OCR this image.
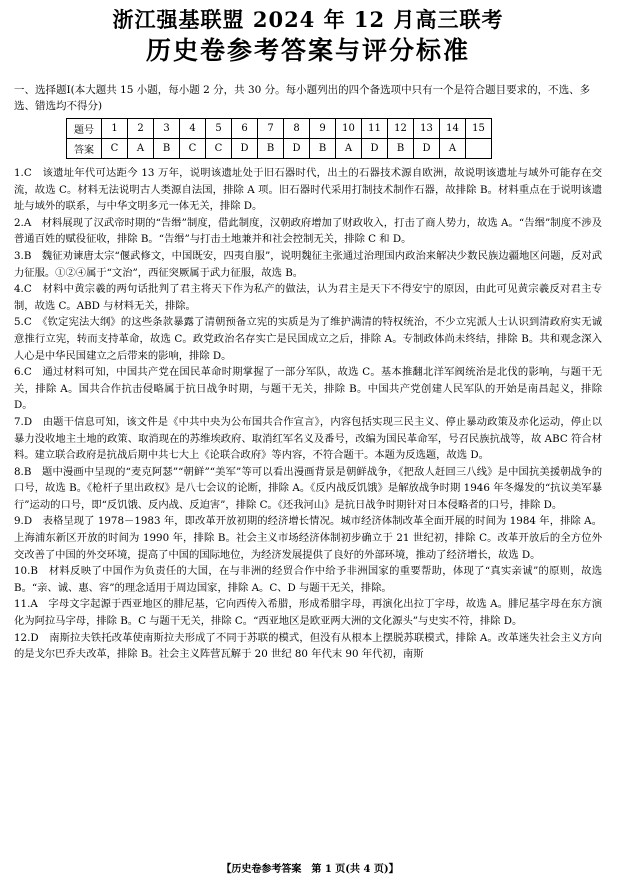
浙江强基联盟 2024 年 12 月高三联考
历史卷参考答案与评分标准

一、选择题Ⅰ(本大题共 15 小题，每小题 2 分，共 30 分。每小题列出的四个备选项中只有一个是符合题目要求的，不选、多选、错选均不得分)

题号	1	2	3	4	5	6	7	8	9	10	11	12	13	14	15
答案	C	A	B	C	C	D	B	D	B	A	D	B	D	A	

1.C　 该遗址年代可达距今 13 万年，说明该遗址处于旧石器时代，出土的石器技术源自欧洲，故说明该遗址与域外可能存在交流，故选 C。材料无法说明古人类源自法国，排除 A 项。旧石器时代采用打制技术制作石器，故排除 B。材料重点在于说明该遗址与域外的联系，与中华文明多元一体无关，排除 D。

2.A　 材料展现了汉武帝时期的“告缗”制度，借此制度，汉朝政府增加了财政收入，打击了商人势力，故选 A。“告缗”制度不涉及普通百姓的赋役征收，排除 B。“告缗”与打击土地兼并和社会控制无关，排除 C 和 D。

3.B　 魏征劝谏唐太宗“偃武修文，中国既安，四夷自服”，说明魏征主张通过治理国内政治来解决少数民族边疆地区问题，反对武力征服。①②④属于“文治”，西征突厥属于武力征服，故选 B。

4.C　 材料中黄宗羲的两句话批判了君主将天下作为私产的做法，认为君主是天下不得安宁的原因，由此可见黄宗羲反对君主专制，故选 C。ABD 与材料无关，排除。

5.C　 《钦定宪法大纲》的这些条款暴露了清朝预备立宪的实质是为了维护满清的特权统治，不少立宪派人士认识到清政府实无诚意推行立宪，转而支持革命，故选 C。政党政治名存实亡是民国成立之后，排除 A。专制政体尚未终结，排除 B。共和观念深入人心是中华民国建立之后带来的影响，排除 D。

6.C　 通过材料可知，中国共产党在国民革命时期掌握了一部分军队，故选 C。基本推翻北洋军阀统治是北伐的影响，与题干无关，排除 A。国共合作抗击侵略属于抗日战争时期，与题干无关，排除 B。中国共产党创建人民军队的开始是南昌起义，排除 D。

7.D　 由题干信息可知，该文件是《中共中央为公布国共合作宣言》，内容包括实现三民主义、停止暴动政策及赤化运动，停止以暴力没收地主土地的政策、取消现在的苏维埃政府、取消红军名义及番号，改编为国民革命军，号召民族抗战等，故 ABC 符合材料。建立联合政府是抗战后期中共七大上《论联合政府》等内容，不符合题干。本题为反选题，故选 D。

8.B　 题中漫画中呈现的“麦克阿瑟”“朝鲜”“美军”等可以看出漫画背景是朝鲜战争，《把敌人赶回三八线》是中国抗美援朝战争的口号，故选 B。《枪杆子里出政权》是八七会议的论断，排除 A。《反内战反饥饿》是解放战争时期 1946 年冬爆发的“抗议美军暴行”运动的口号，即“反饥饿、反内战、反迫害”，排除 C。《还我河山》是抗日战争时期针对日本侵略者的口号，排除 D。

9.D　 表格呈现了 1978－1983 年，即改革开放初期的经济增长情况。城市经济体制改革全面开展的时间为 1984 年，排除 A。上海浦东新区开放的时间为 1990 年，排除 B。社会主义市场经济体制初步确立于 21 世纪初，排除 C。改革开放后的全方位外交改善了中国的外交环境，提高了中国的国际地位，为经济发展提供了良好的外部环境，推动了经济增长，故选 D。

10.B　 材料反映了中国作为负责任的大国，在与非洲的经贸合作中给予非洲国家的重要帮助，体现了“真实亲诚”的原则，故选 B。“亲、诚、惠、容”的理念适用于周边国家，排除 A。C、D 与题干无关，排除。

11.A　 字母文字起源于西亚地区的腓尼基，它向西传入希腊，形成希腊字母，再演化出拉丁字母，故选 A。腓尼基字母在东方演化为阿拉马字母，排除 B。C 与题干无关，排除 C。“西亚地区是欧亚两大洲的文化源头”与史实不符，排除 D。

12.D　 南斯拉夫铁托改革使南斯拉夫形成了不同于苏联的模式，但没有从根本上摆脱苏联模式，排除 A。改革迷失社会主义方向的是戈尔巴乔夫改革，排除 B。社会主义阵营瓦解于 20 世纪 80 年代末 90 年代初，南斯

【历史卷参考答案　第 1 页(共 4 页)】
